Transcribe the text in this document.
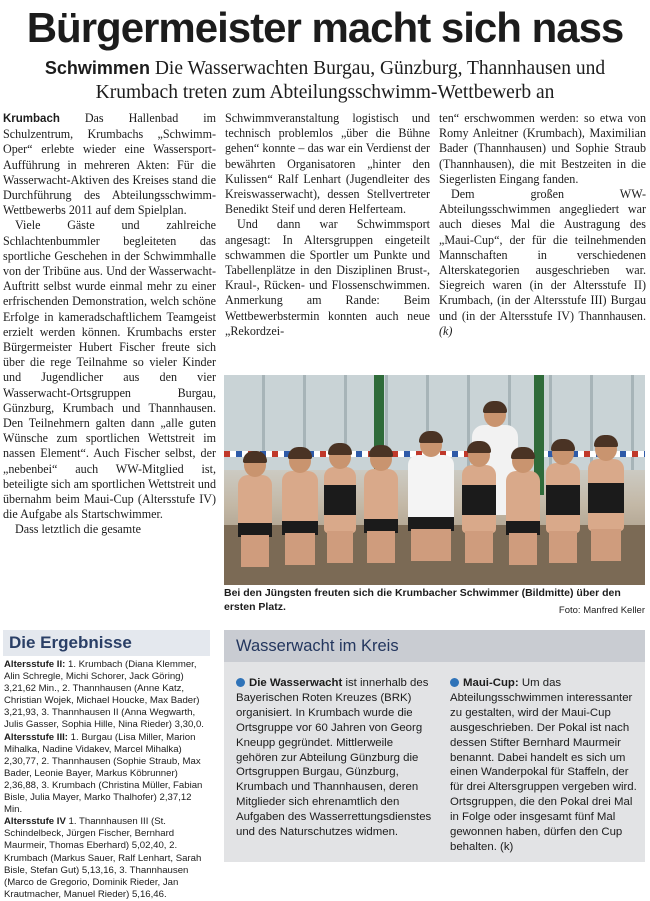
Bürgermeister macht sich nass
Schwimmen Die Wasserwachten Burgau, Günzburg, Thannhausen und Krumbach treten zum Abteilungsschwimm-Wettbewerb an

Krumbach Das Hallenbad im Schulzentrum, Krumbachs „Schwimm-Oper“ erlebte wieder eine Wassersport-Aufführung in mehreren Akten: Für die Wasserwacht-Aktiven des Kreises stand die Durchführung des Abteilungsschwimm-Wettbewerbs 2011 auf dem Spielplan.

Viele Gäste und zahlreiche Schlachtenbummler begleiteten das sportliche Geschehen in der Schwimmhalle von der Tribüne aus. Und der Wasserwacht-Auftritt selbst wurde einmal mehr zu einer erfrischenden Demonstration, welch schöne Erfolge in kameradschaftlichem Teamgeist erzielt werden können. Krumbachs erster Bürgermeister Hubert Fischer freute sich über die rege Teilnahme so vieler Kinder und Jugendlicher aus den vier Wasserwacht-Ortsgruppen Burgau, Günzburg, Krumbach und Thannhausen. Den Teilnehmern galten dann „alle guten Wünsche zum sportlichen Wettstreit im nassen Element“. Auch Fischer selbst, der „nebenbei“ auch WW-Mitglied ist, beteiligte sich am sportlichen Wettstreit und übernahm beim Maui-Cup (Altersstufe IV) die Aufgabe als Startschwimmer.

Dass letztlich die gesamte

Schwimmveranstaltung logistisch und technisch problemlos „über die Bühne gehen“ konnte – das war ein Verdienst der bewährten Organisatoren „hinter den Kulissen“ Ralf Lenhart (Jugendleiter des Kreiswasserwacht), dessen Stellvertreter Benedikt Steif und deren Helferteam.

Und dann war Schwimmsport angesagt: In Altersgruppen eingeteilt schwammen die Sportler um Punkte und Tabellenplätze in den Disziplinen Brust-, Kraul-, Rücken- und Flossenschwimmen. Anmerkung am Rande: Beim Wettbewerbstermin konnten auch neue „Rekordzei-

ten“ erschwommen werden: so etwa von Romy Anleitner (Krumbach), Maximilian Bader (Thannhausen) und Sophie Straub (Thannhausen), die mit Bestzeiten in die Siegerlisten Eingang fanden.

Dem großen WW-Abteilungsschwimmen angegliedert war auch dieses Mal die Austragung des „Maui-Cup“, der für die teilnehmenden Mannschaften in verschiedenen Alterskategorien ausgeschrieben war. Siegreich waren (in der Altersstufe II) Krumbach, (in der Altersstufe III) Burgau und (in der Altersstufe IV) Thannhausen. (k)

Bei den Jüngsten freuten sich die Krumbacher Schwimmer (Bildmitte) über den ersten Platz.	Foto: Manfred Keller
Die Ergebnisse

Altersstufe II: 1. Krumbach (Diana Klemmer, Alin Schregle, Michi Schorer, Jack Göring) 3,21,62 Min., 2. Thannhausen (Anne Katz, Christian Wojek, Michael Houcke, Max Bader) 3,21,93, 3. Thannhausen II (Anna Wegwarth, Julis Gasser, Sophia Hille, Nina Rieder) 3,30,0.

Altersstufe III: 1. Burgau (Lisa Miller, Marion Mihalka, Nadine Vidakev, Marcel Mihalka) 2,30,77, 2. Thannhausen (Sophie Straub, Max Bader, Leonie Bayer, Markus Köbrunner) 2,36,88, 3. Krumbach (Christina Müller, Fabian Bisle, Julia Mayer, Marko Thalhofer) 2,37,12 Min.

Altersstufe IV 1. Thannhausen III (St. Schindelbeck, Jürgen Fischer, Bernhard Maurmeir, Thomas Eberhard) 5,02,40, 2. Krumbach (Markus Sauer, Ralf Lenhart, Sarah Bisle, Stefan Gut) 5,13,16, 3. Thannhausen (Marco de Gregorio, Dominik Rieder, Jan Krautmacher, Manuel Rieder) 5,16,46.

Wasserwacht im Kreis

Die Wasserwacht ist innerhalb des Bayerischen Roten Kreuzes (BRK) organisiert. In Krumbach wurde die Ortsgruppe vor 60 Jahren von Georg Kneupp gegründet. Mittlerweile gehören zur Abteilung Günzburg die Ortsgruppen Burgau, Günzburg, Krumbach und Thannhausen, deren Mitglieder sich ehrenamtlich den Aufgaben des Wasserrettungsdienstes und des Naturschutzes widmen.

Maui-Cup: Um das Abteilungsschwimmen interessanter zu gestalten, wird der Maui-Cup ausgeschrieben. Der Pokal ist nach dessen Stifter Bernhard Maurmeir benannt. Dabei handelt es sich um einen Wanderpokal für Staffeln, der für drei Altersgruppen vergeben wird. Ortsgruppen, die den Pokal drei Mal in Folge oder insgesamt fünf Mal gewonnen haben, dürfen den Cup behalten. (k)
